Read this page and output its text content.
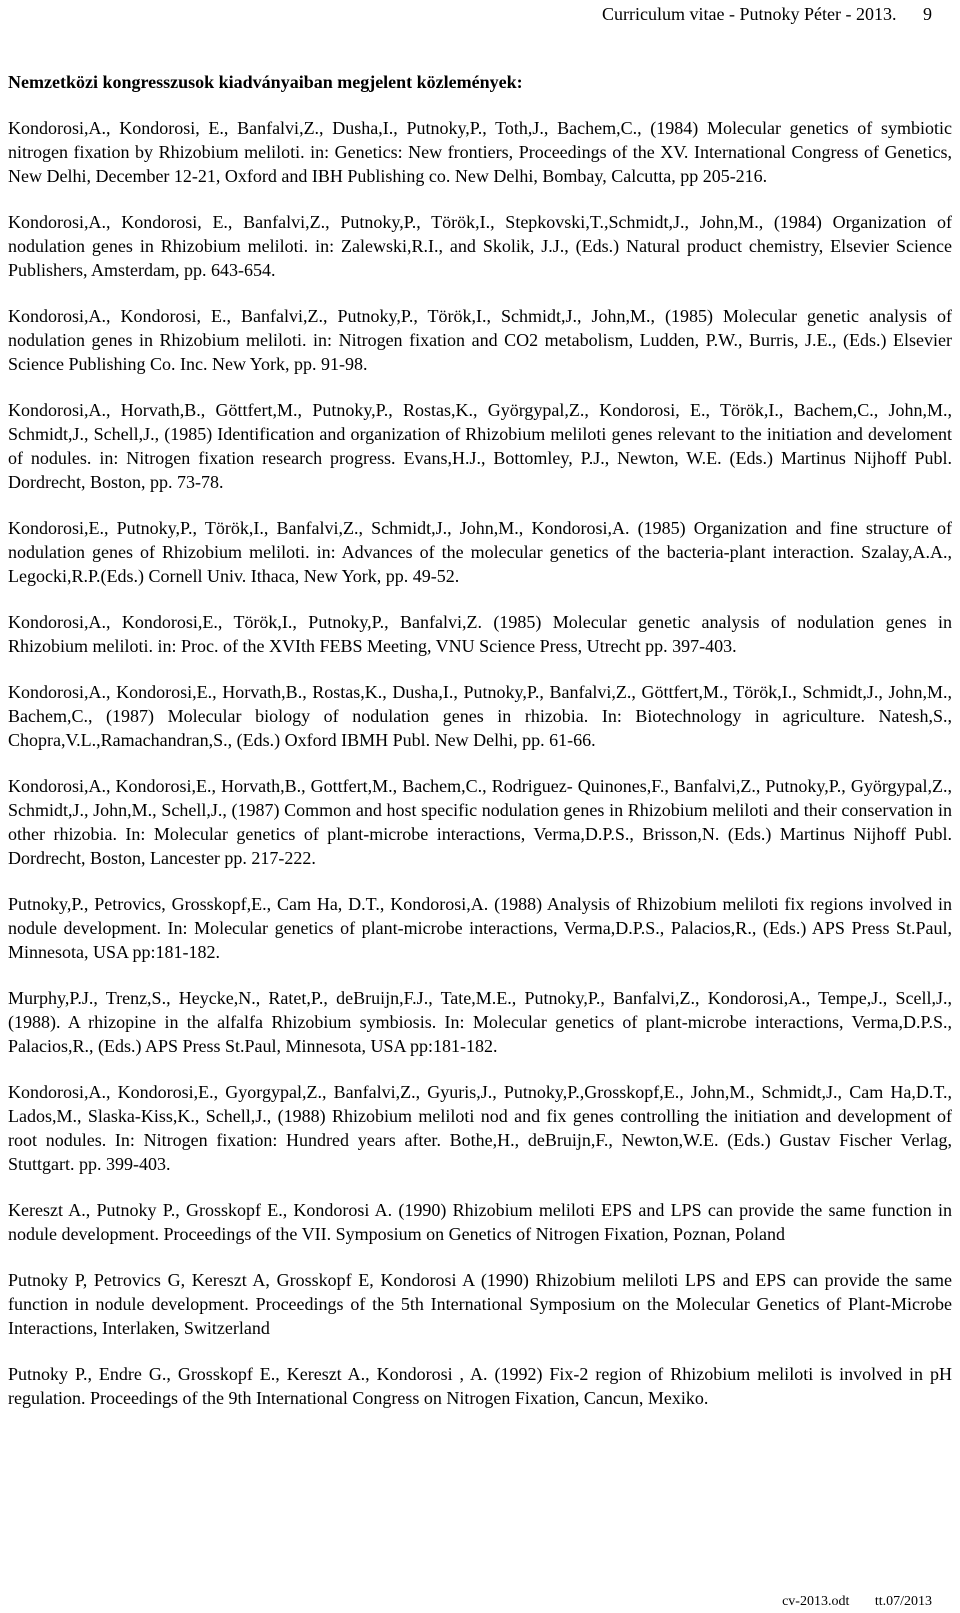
Curriculum vitae - Putnoky Péter - 2013. 9
Nemzetközi kongresszusok kiadványaiban megjelent közlemények:
Kondorosi,A., Kondorosi, E., Banfalvi,Z., Dusha,I., Putnoky,P., Toth,J., Bachem,C., (1984) Molecular genetics of symbiotic nitrogen fixation by Rhizobium meliloti. in: Genetics: New frontiers, Proceedings of the XV. International Congress of Genetics, New Delhi, December 12-21, Oxford and IBH Publishing co. New Delhi, Bombay, Calcutta, pp 205-216.
Kondorosi,A., Kondorosi, E., Banfalvi,Z., Putnoky,P., Török,I., Stepkovski,T.,Schmidt,J., John,M., (1984) Organization of nodulation genes in Rhizobium meliloti. in: Zalewski,R.I., and Skolik, J.J., (Eds.) Natural product chemistry, Elsevier Science Publishers, Amsterdam, pp. 643-654.
Kondorosi,A., Kondorosi, E., Banfalvi,Z., Putnoky,P., Török,I., Schmidt,J., John,M., (1985) Molecular genetic analysis of nodulation genes in Rhizobium meliloti. in: Nitrogen fixation and CO2 metabolism, Ludden, P.W., Burris, J.E., (Eds.) Elsevier Science Publishing Co. Inc. New York, pp. 91-98.
Kondorosi,A., Horvath,B., Göttfert,M., Putnoky,P., Rostas,K., Györgypal,Z., Kondorosi, E., Török,I., Bachem,C., John,M., Schmidt,J., Schell,J., (1985) Identification and organization of Rhizobium meliloti genes relevant to the initiation and develoment of nodules. in: Nitrogen fixation research progress. Evans,H.J., Bottomley, P.J., Newton, W.E. (Eds.) Martinus Nijhoff Publ. Dordrecht, Boston, pp. 73-78.
Kondorosi,E., Putnoky,P., Török,I., Banfalvi,Z., Schmidt,J., John,M., Kondorosi,A. (1985) Organization and fine structure of nodulation genes of Rhizobium meliloti. in: Advances of the molecular genetics of the bacteria-plant interaction. Szalay,A.A., Legocki,R.P.(Eds.) Cornell Univ. Ithaca, New York, pp. 49-52.
Kondorosi,A., Kondorosi,E., Török,I., Putnoky,P., Banfalvi,Z. (1985) Molecular genetic analysis of nodulation genes in Rhizobium meliloti. in: Proc. of the XVIth FEBS Meeting, VNU Science Press, Utrecht pp. 397-403.
Kondorosi,A., Kondorosi,E., Horvath,B., Rostas,K., Dusha,I., Putnoky,P., Banfalvi,Z., Göttfert,M., Török,I., Schmidt,J., John,M., Bachem,C., (1987) Molecular biology of nodulation genes in rhizobia. In: Biotechnology in agriculture. Natesh,S., Chopra,V.L.,Ramachandran,S., (Eds.) Oxford IBMH Publ. New Delhi, pp. 61-66.
Kondorosi,A., Kondorosi,E., Horvath,B., Gottfert,M., Bachem,C., Rodriguez- Quinones,F., Banfalvi,Z., Putnoky,P., Györgypal,Z., Schmidt,J., John,M., Schell,J., (1987) Common and host specific nodulation genes in Rhizobium meliloti and their conservation in other rhizobia. In: Molecular genetics of plant-microbe interactions, Verma,D.P.S., Brisson,N. (Eds.) Martinus Nijhoff Publ. Dordrecht, Boston, Lancester pp. 217-222.
Putnoky,P., Petrovics, Grosskopf,E., Cam Ha, D.T., Kondorosi,A. (1988) Analysis of Rhizobium meliloti fix regions involved in nodule development. In: Molecular genetics of plant-microbe interactions, Verma,D.P.S., Palacios,R., (Eds.) APS Press St.Paul, Minnesota, USA pp:181-182.
Murphy,P.J., Trenz,S., Heycke,N., Ratet,P., deBruijn,F.J., Tate,M.E., Putnoky,P., Banfalvi,Z., Kondorosi,A., Tempe,J., Scell,J., (1988). A rhizopine in the alfalfa Rhizobium symbiosis. In: Molecular genetics of plant-microbe interactions, Verma,D.P.S., Palacios,R., (Eds.) APS Press St.Paul, Minnesota, USA pp:181-182.
Kondorosi,A., Kondorosi,E., Gyorgypal,Z., Banfalvi,Z., Gyuris,J., Putnoky,P.,Grosskopf,E., John,M., Schmidt,J., Cam Ha,D.T., Lados,M., Slaska-Kiss,K., Schell,J., (1988) Rhizobium meliloti nod and fix genes controlling the initiation and development of root nodules. In: Nitrogen fixation: Hundred years after. Bothe,H., deBruijn,F., Newton,W.E. (Eds.) Gustav Fischer Verlag, Stuttgart. pp. 399-403.
Kereszt A., Putnoky P., Grosskopf E., Kondorosi A. (1990) Rhizobium meliloti EPS and LPS can provide the same function in nodule development. Proceedings of the VII. Symposium on Genetics of Nitrogen Fixation, Poznan, Poland
Putnoky P, Petrovics G, Kereszt A, Grosskopf E, Kondorosi A (1990) Rhizobium meliloti LPS and EPS can provide the same function in nodule development. Proceedings of the 5th International Symposium on the Molecular Genetics of Plant-Microbe Interactions, Interlaken, Switzerland
Putnoky P., Endre G., Grosskopf E., Kereszt A., Kondorosi , A. (1992) Fix-2 region of Rhizobium meliloti is involved in pH regulation. Proceedings of the 9th International Congress on Nitrogen Fixation, Cancun, Mexiko.
cv-2013.odt tt.07/2013
